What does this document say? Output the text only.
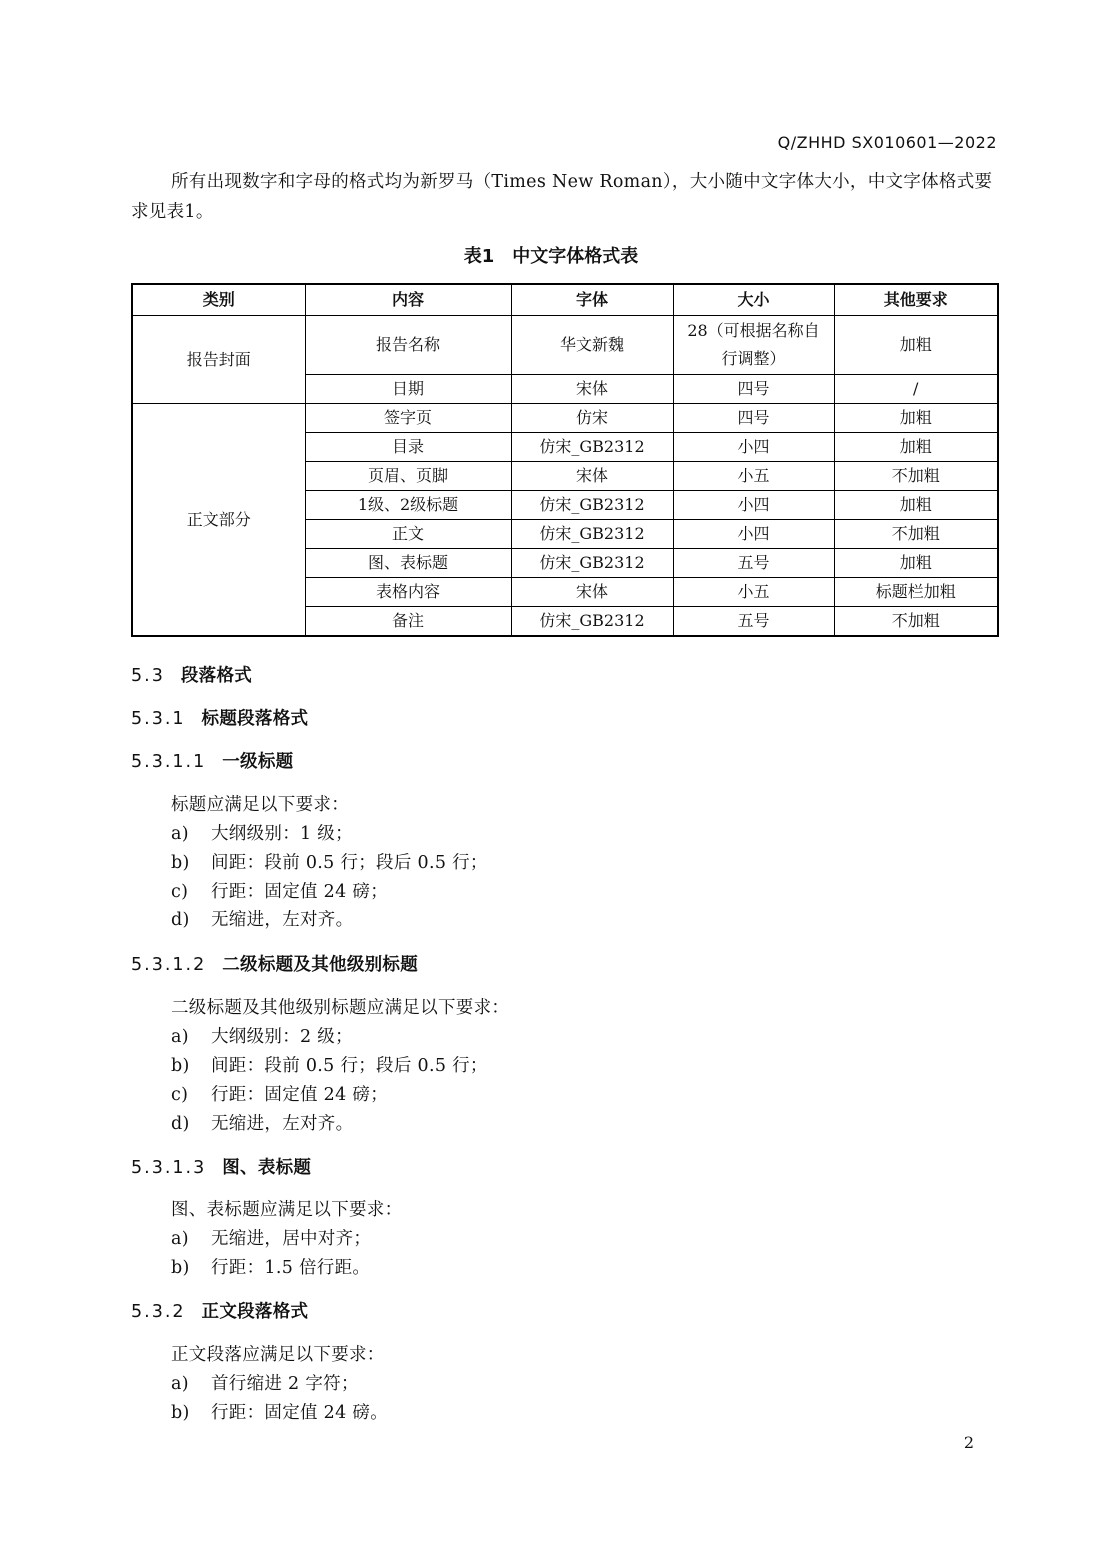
Q/ZHHD SX010601—2022
所有出现数字和字母的格式均为新罗马（Times New Roman），大小随中文字体大小，中文字体格式要求见表1。
表1　中文字体格式表
类别	内容	字体	大小	其他要求
报告封面	报告名称	华文新魏	28（可根据名称自行调整）	加粗
	日期	宋体	四号	/
正文部分	签字页	仿宋	四号	加粗
	目录	仿宋_GB2312	小四	加粗
	页眉、页脚	宋体	小五	不加粗
	1级、2级标题	仿宋_GB2312	小四	加粗
	正文	仿宋_GB2312	小四	不加粗
	图、表标题	仿宋_GB2312	五号	加粗
	表格内容	宋体	小五	标题栏加粗
	备注	仿宋_GB2312	五号	不加粗
5.3 段落格式
5.3.1 标题段落格式
5.3.1.1 一级标题
标题应满足以下要求：
a) 大纲级别：1 级；
b) 间距：段前 0.5 行；段后 0.5 行；
c) 行距：固定值 24 磅；
d) 无缩进，左对齐。
5.3.1.2 二级标题及其他级别标题
二级标题及其他级别标题应满足以下要求：
a) 大纲级别：2 级；
b) 间距：段前 0.5 行；段后 0.5 行；
c) 行距：固定值 24 磅；
d) 无缩进，左对齐。
5.3.1.3 图、表标题
图、表标题应满足以下要求：
a) 无缩进，居中对齐；
b) 行距：1.5 倍行距。
5.3.2 正文段落格式
正文段落应满足以下要求：
a) 首行缩进 2 字符；
b) 行距：固定值 24 磅。
2
